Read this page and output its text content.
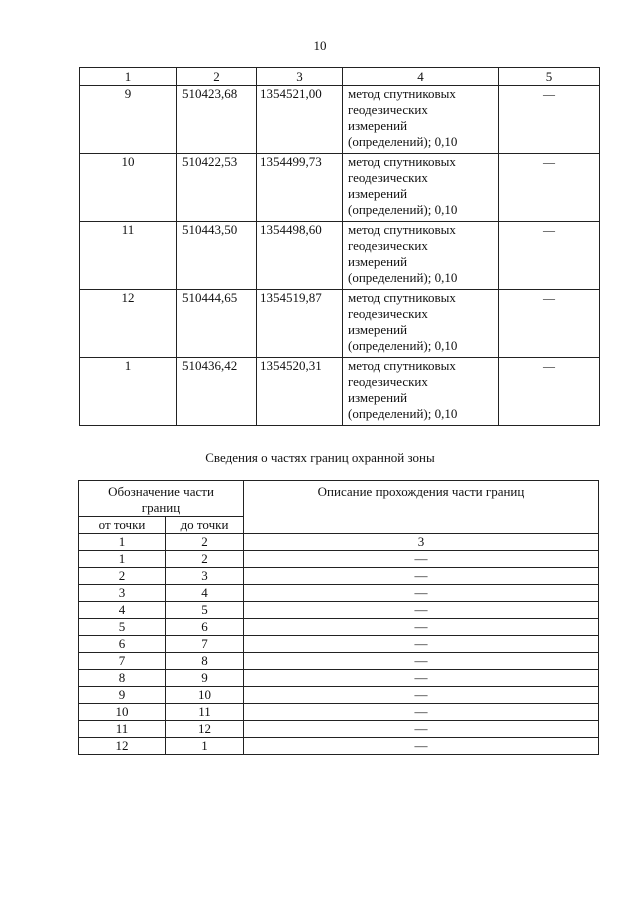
10
1	2	3	4	5
9	510423,68	1354521,00	метод спутниковых
геодезических
измерений
(определений); 0,10	—
10	510422,53	1354499,73	метод спутниковых
геодезических
измерений
(определений); 0,10	—
11	510443,50	1354498,60	метод спутниковых
геодезических
измерений
(определений); 0,10	—
12	510444,65	1354519,87	метод спутниковых
геодезических
измерений
(определений); 0,10	—
1	510436,42	1354520,31	метод спутниковых
геодезических
измерений
(определений); 0,10	—
Сведения о частях границ охранной зоны
Обозначение части границ		Описание прохождения части границ
от точки	до точки	
1	2	3
1	2	—
2	3	—
3	4	—
4	5	—
5	6	—
6	7	—
7	8	—
8	9	—
9	10	—
10	11	—
11	12	—
12	1	—
